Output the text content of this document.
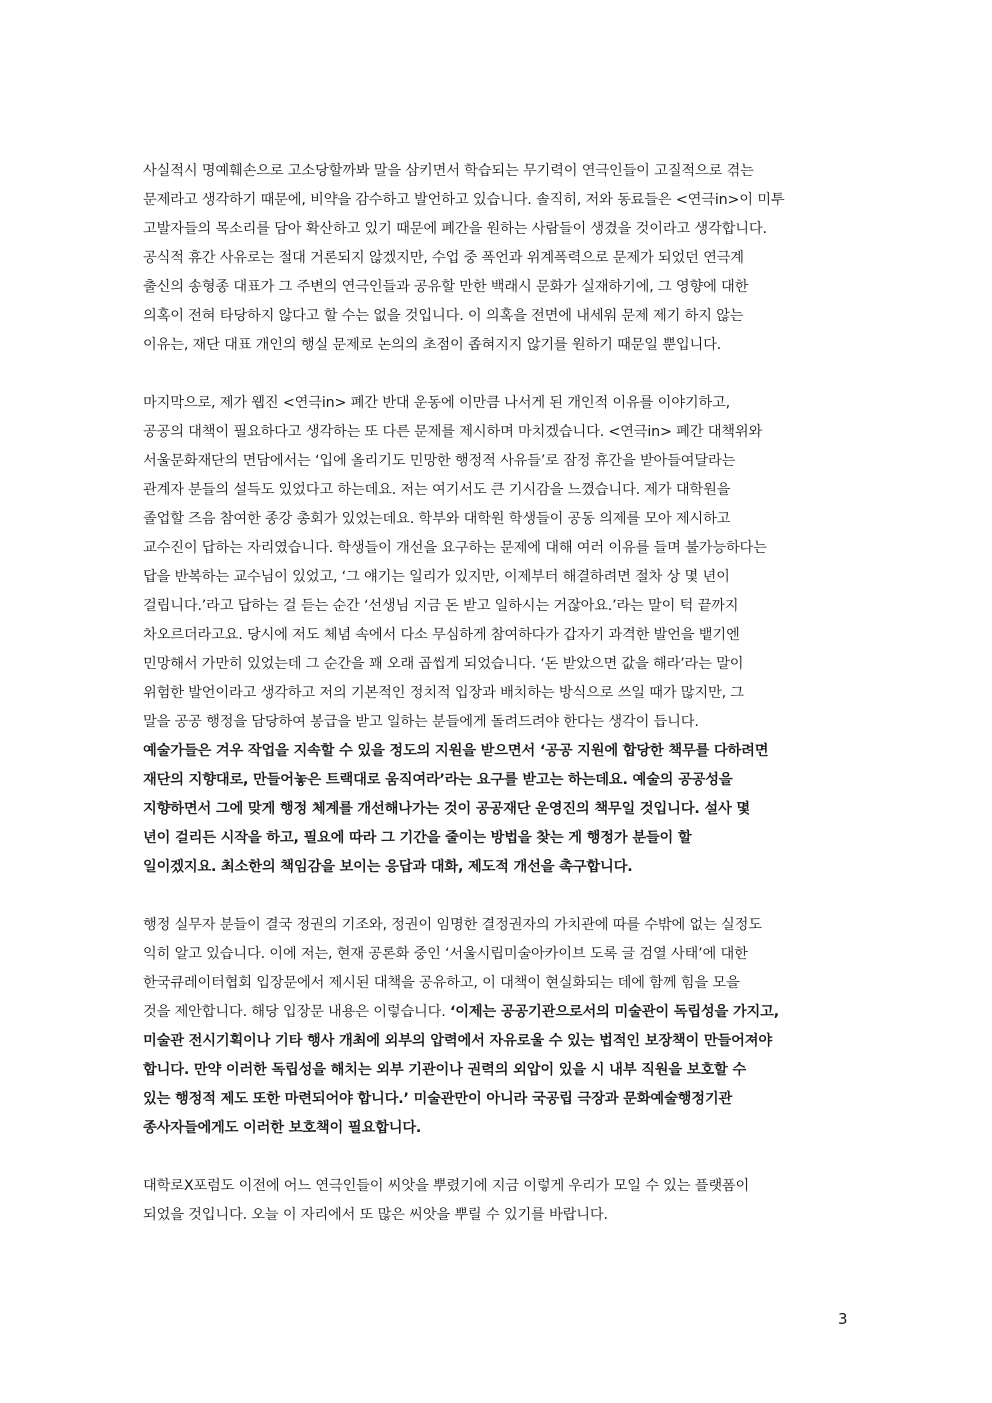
사실적시 명예훼손으로 고소당할까봐 말을 삼키면서 학습되는 무기력이 연극인들이 고질적으로 겪는
문제라고 생각하기 때문에, 비약을 감수하고 발언하고 있습니다. 솔직히, 저와 동료들은 <연극in>이 미투
고발자들의 목소리를 담아 확산하고 있기 때문에 폐간을 원하는 사람들이 생겼을 것이라고 생각합니다.
공식적 휴간 사유로는 절대 거론되지 않겠지만, 수업 중 폭언과 위계폭력으로 문제가 되었던 연극계
출신의 송형종 대표가 그 주변의 연극인들과 공유할 만한 백래시 문화가 실재하기에, 그 영향에 대한
의혹이 전혀 타당하지 않다고 할 수는 없을 것입니다. 이 의혹을 전면에 내세워 문제 제기 하지 않는
이유는, 재단 대표 개인의 행실 문제로 논의의 초점이 좁혀지지 않기를 원하기 때문일 뿐입니다.
마지막으로, 제가 웹진 <연극in> 폐간 반대 운동에 이만큼 나서게 된 개인적 이유를 이야기하고,
공공의 대책이 필요하다고 생각하는 또 다른 문제를 제시하며 마치겠습니다. <연극in> 폐간 대책위와
서울문화재단의 면담에서는 ‘입에 올리기도 민망한 행정적 사유들’로 잠정 휴간을 받아들여달라는
관계자 분들의 설득도 있었다고 하는데요. 저는 여기서도 큰 기시감을 느꼈습니다. 제가 대학원을
졸업할 즈음 참여한 종강 총회가 있었는데요. 학부와 대학원 학생들이 공동 의제를 모아 제시하고
교수진이 답하는 자리였습니다. 학생들이 개선을 요구하는 문제에 대해 여러 이유를 들며 불가능하다는
답을 반복하는 교수님이 있었고, ‘그 얘기는 일리가 있지만, 이제부터 해결하려면 절차 상 몇 년이
걸립니다.’라고 답하는 걸 듣는 순간 ‘선생님 지금 돈 받고 일하시는 거잖아요.’라는 말이 턱 끝까지
차오르더라고요. 당시에 저도 체념 속에서 다소 무심하게 참여하다가 갑자기 과격한 발언을 뱉기엔
민망해서 가만히 있었는데 그 순간을 꽤 오래 곱씹게 되었습니다. ‘돈 받았으면 값을 해라’라는 말이
위험한 발언이라고 생각하고 저의 기본적인 정치적 입장과 배치하는 방식으로 쓰일 때가 많지만, 그
말을 공공 행정을 담당하여 봉급을 받고 일하는 분들에게 돌려드려야 한다는 생각이 듭니다.
예술가들은 겨우 작업을 지속할 수 있을 정도의 지원을 받으면서 ‘공공 지원에 합당한 책무를 다하려면
재단의 지향대로, 만들어놓은 트랙대로 움직여라’라는 요구를 받고는 하는데요. 예술의 공공성을
지향하면서 그에 맞게 행정 체계를 개선해나가는 것이 공공재단 운영진의 책무일 것입니다. 설사 몇
년이 걸리든 시작을 하고, 필요에 따라 그 기간을 줄이는 방법을 찾는 게 행정가 분들이 할
일이겠지요. 최소한의 책임감을 보이는 응답과 대화, 제도적 개선을 촉구합니다.
행정 실무자 분들이 결국 정권의 기조와, 정권이 임명한 결정권자의 가치관에 따를 수밖에 없는 실정도
익히 알고 있습니다. 이에 저는, 현재 공론화 중인 ‘서울시립미술아카이브 도록 글 검열 사태’에 대한
한국큐레이터협회 입장문에서 제시된 대책을 공유하고, 이 대책이 현실화되는 데에 함께 힘을 모을
것을 제안합니다. 해당 입장문 내용은 이렇습니다. ‘이제는 공공기관으로서의 미술관이 독립성을 가지고,
미술관 전시기획이나 기타 행사 개최에 외부의 압력에서 자유로울 수 있는 법적인 보장책이 만들어져야
합니다. 만약 이러한 독립성을 해치는 외부 기관이나 권력의 외압이 있을 시 내부 직원을 보호할 수
있는 행정적 제도 또한 마련되어야 합니다.’ 미술관만이 아니라 국공립 극장과 문화예술행정기관
종사자들에게도 이러한 보호책이 필요합니다.
대학로X포럼도 이전에 어느 연극인들이 씨앗을 뿌렸기에 지금 이렇게 우리가 모일 수 있는 플랫폼이
되었을 것입니다. 오늘 이 자리에서 또 많은 씨앗을 뿌릴 수 있기를 바랍니다.
3
